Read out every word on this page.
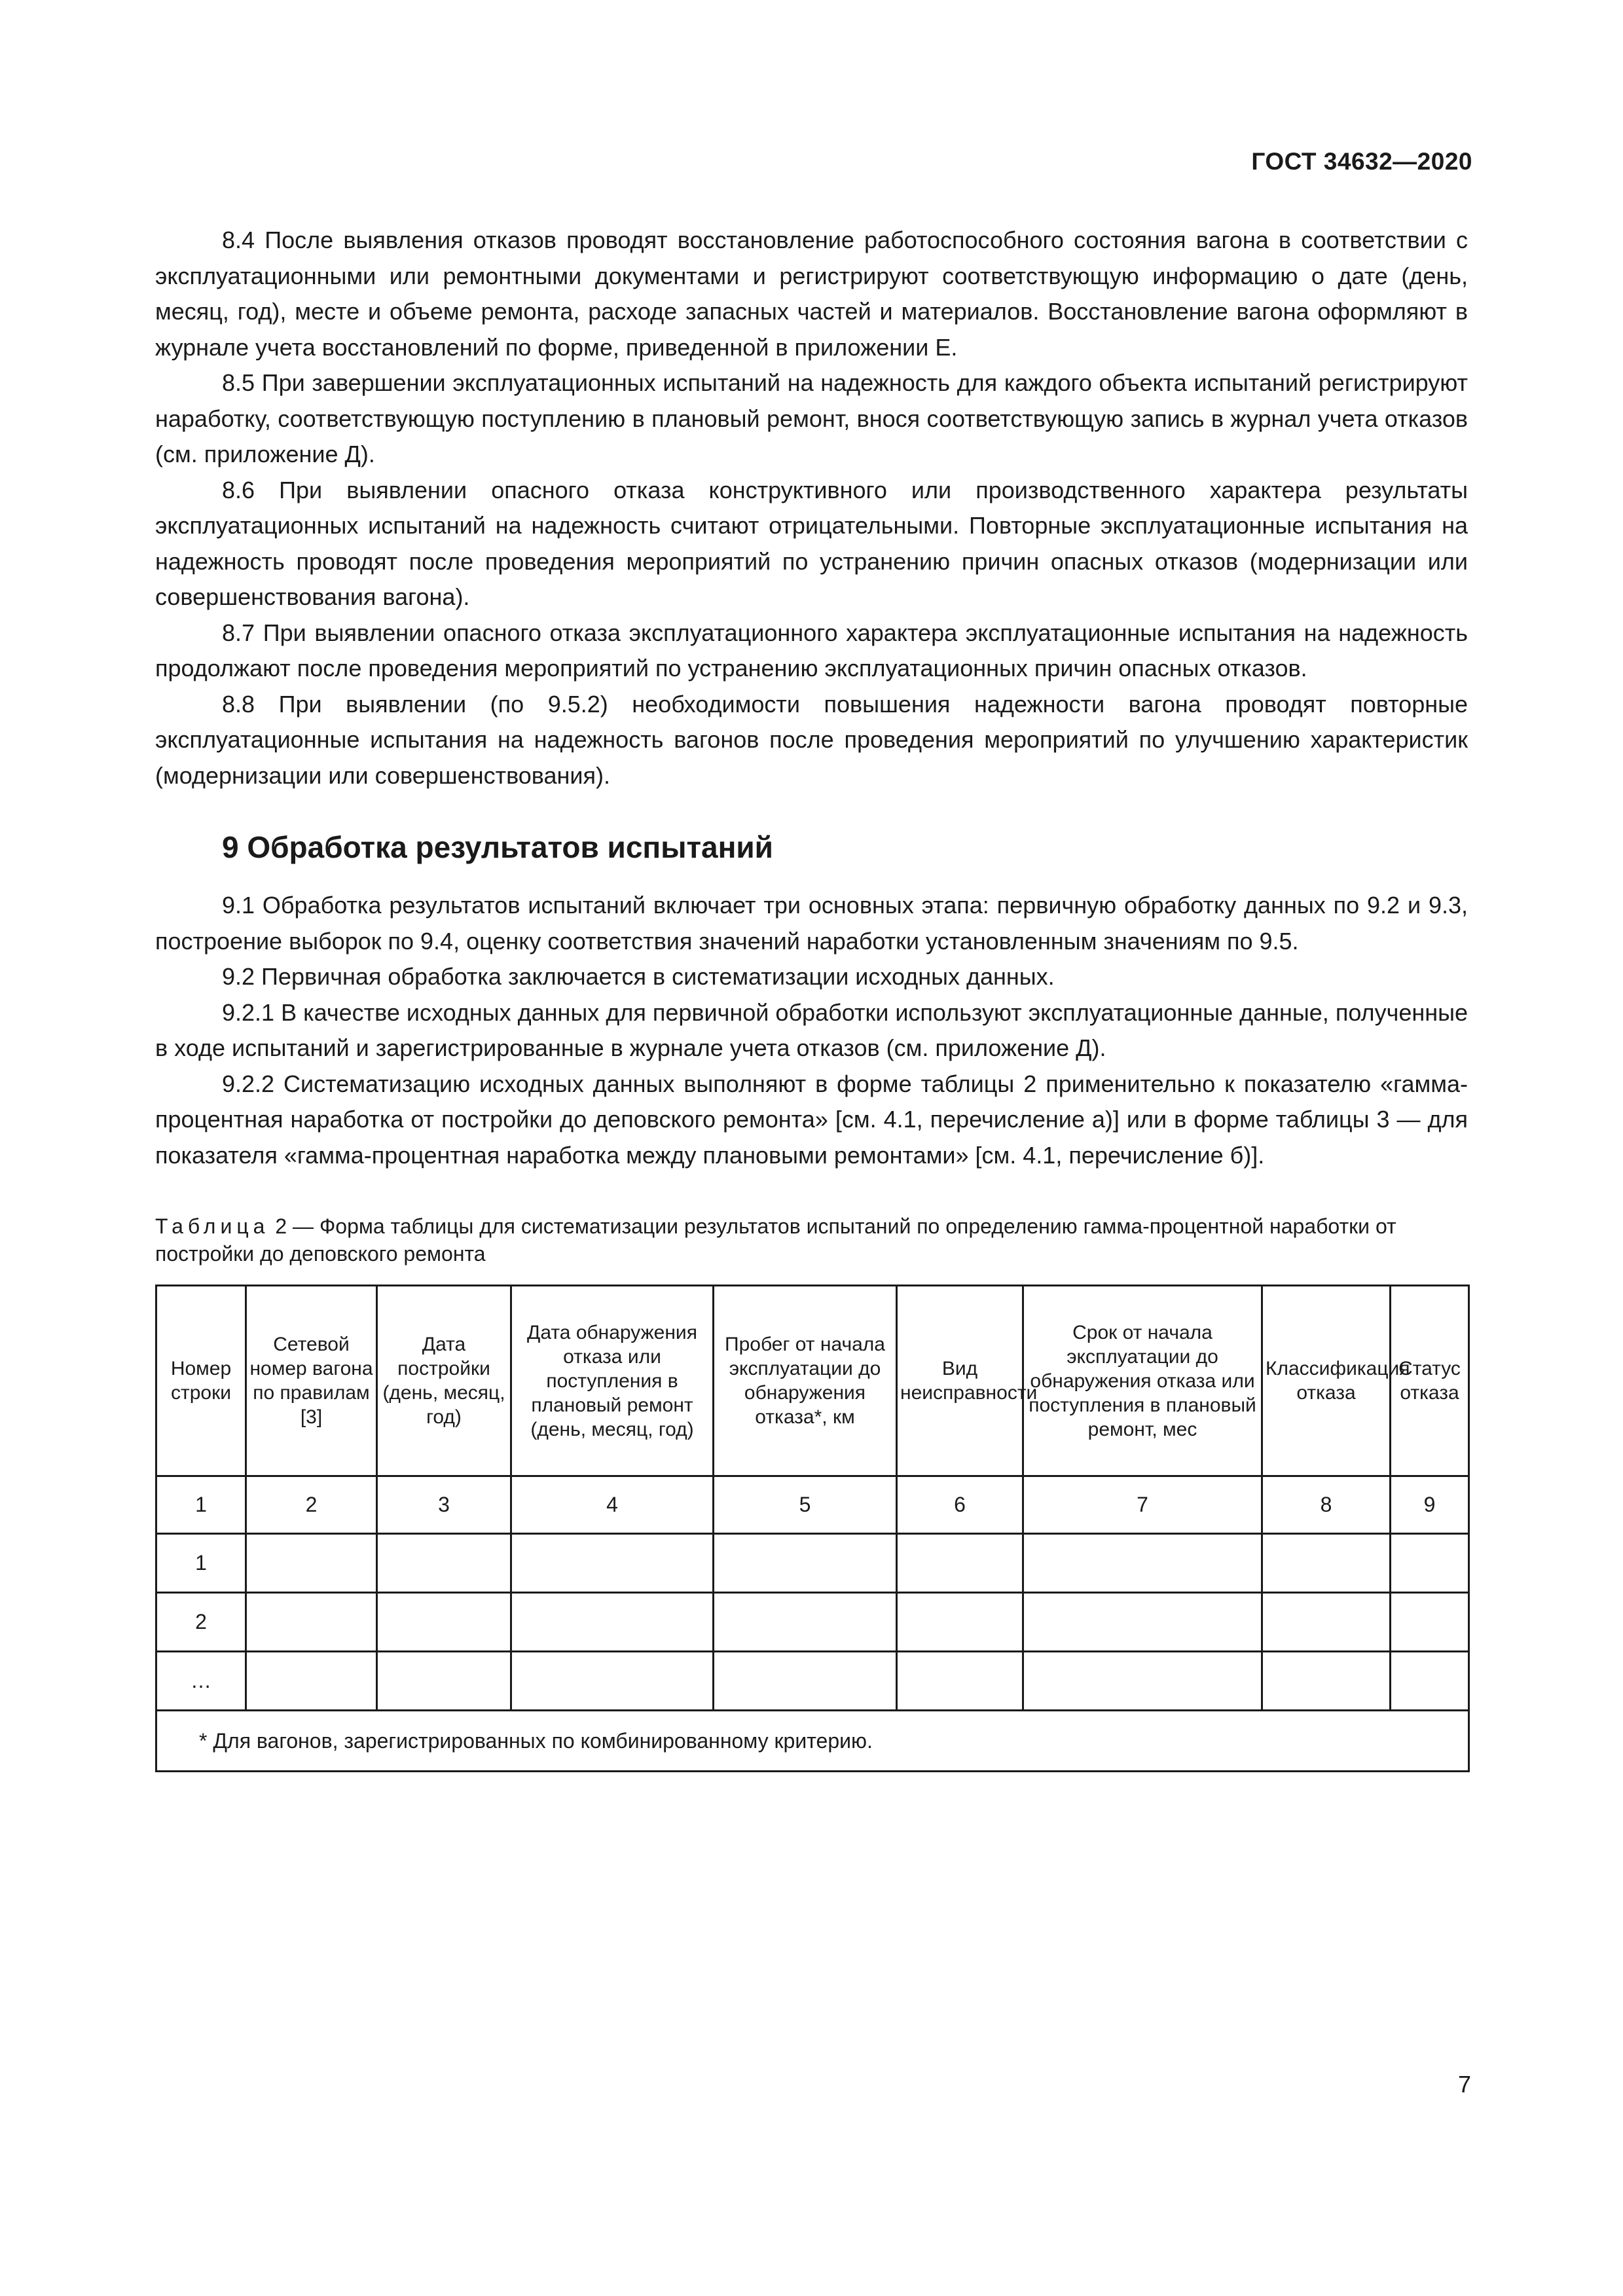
ГОСТ 34632—2020

8.4 После выявления отказов проводят восстановление работоспособного состояния вагона в соответствии с эксплуатационными или ремонтными документами и регистрируют соответствующую информацию о дате (день, месяц, год), месте и объеме ремонта, расходе запасных частей и материалов. Восстановление вагона оформляют в журнале учета восстановлений по форме, приведенной в приложении Е.

8.5 При завершении эксплуатационных испытаний на надежность для каждого объекта испытаний регистрируют наработку, соответствующую поступлению в плановый ремонт, внося соответствующую запись в журнал учета отказов (см. приложение Д).

8.6 При выявлении опасного отказа конструктивного или производственного характера результаты эксплуатационных испытаний на надежность считают отрицательными. Повторные эксплуатационные испытания на надежность проводят после проведения мероприятий по устранению причин опасных отказов (модернизации или совершенствования вагона).

8.7 При выявлении опасного отказа эксплуатационного характера эксплуатационные испытания на надежность продолжают после проведения мероприятий по устранению эксплуатационных причин опасных отказов.

8.8 При выявлении (по 9.5.2) необходимости повышения надежности вагона проводят повторные эксплуатационные испытания на надежность вагонов после проведения мероприятий по улучшению характеристик (модернизации или совершенствования).

9 Обработка результатов испытаний

9.1 Обработка результатов испытаний включает три основных этапа: первичную обработку данных по 9.2 и 9.3, построение выборок по 9.4, оценку соответствия значений наработки установленным значениям по 9.5.

9.2 Первичная обработка заключается в систематизации исходных данных.

9.2.1 В качестве исходных данных для первичной обработки используют эксплуатационные данные, полученные в ходе испытаний и зарегистрированные в журнале учета отказов (см. приложение Д).

9.2.2 Систематизацию исходных данных выполняют в форме таблицы 2 применительно к показателю «гамма-процентная наработка от постройки до деповского ремонта» [см. 4.1, перечисление а)] или в форме таблицы 3 — для показателя «гамма-процентная наработка между плановыми ремонтами» [см. 4.1, перечисление б)].

Таблица 2 — Форма таблицы для систематизации результатов испытаний по определению гамма-процентной наработки от постройки до деповского ремонта
Номер строки	Сетевой номер вагона по правилам [3]	Дата постройки (день, месяц, год)	Дата обнаружения отказа или поступления в плановый ремонт (день, месяц, год)	Пробег от начала эксплуатации до обнаружения отказа*, км	Вид неисправности	Срок от начала эксплуатации до обнаружения отказа или поступления в плановый ремонт, мес	Классификация отказа	Статус отказа
1	2	3	4	5	6	7	8	9
1								
2								
…								
* Для вагонов, зарегистрированных по комбинированному критерию.								
7
